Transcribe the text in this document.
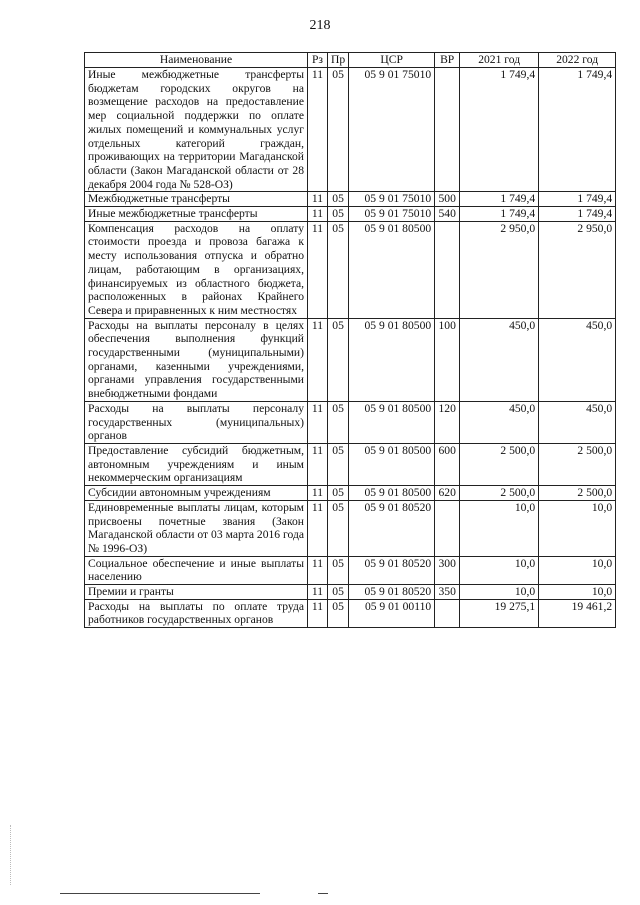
218
Наименование	Рз	Пр	ЦСР	ВР	2021 год	2022 год
Иные межбюджетные трансферты бюджетам городских округов на возмещение расходов на предоставление мер социальной поддержки по оплате жилых помещений и коммунальных услуг отдельных категорий граждан, проживающих на территории Магаданской области (Закон Магаданской области от 28 декабря 2004 года № 528-ОЗ)	11	05	05 9 01 75010		1 749,4	1 749,4
Межбюджетные трансферты	11	05	05 9 01 75010	500	1 749,4	1 749,4
Иные межбюджетные трансферты	11	05	05 9 01 75010	540	1 749,4	1 749,4
Компенсация расходов на оплату стоимости проезда и провоза багажа к месту использования отпуска и обратно лицам, работающим в организациях, финансируемых из областного бюджета, расположенных в районах Крайнего Севера и приравненных к ним местностях	11	05	05 9 01 80500		2 950,0	2 950,0
Расходы на выплаты персоналу в целях обеспечения выполнения функций государственными (муниципальными) органами, казенными учреждениями, органами управления государственными внебюджетными фондами	11	05	05 9 01 80500	100	450,0	450,0
Расходы на выплаты персоналу государственных (муниципальных) органов	11	05	05 9 01 80500	120	450,0	450,0
Предоставление субсидий бюджетным, автономным учреждениям и иным некоммерческим организациям	11	05	05 9 01 80500	600	2 500,0	2 500,0
Субсидии автономным учреждениям	11	05	05 9 01 80500	620	2 500,0	2 500,0
Единовременные выплаты лицам, которым присвоены почетные звания (Закон Магаданской области от 03 марта 2016 года № 1996-ОЗ)	11	05	05 9 01 80520		10,0	10,0
Социальное обеспечение и иные выплаты населению	11	05	05 9 01 80520	300	10,0	10,0
Премии и гранты	11	05	05 9 01 80520	350	10,0	10,0
Расходы на выплаты по оплате труда работников государственных органов	11	05	05 9 01 00110		19 275,1	19 461,2
